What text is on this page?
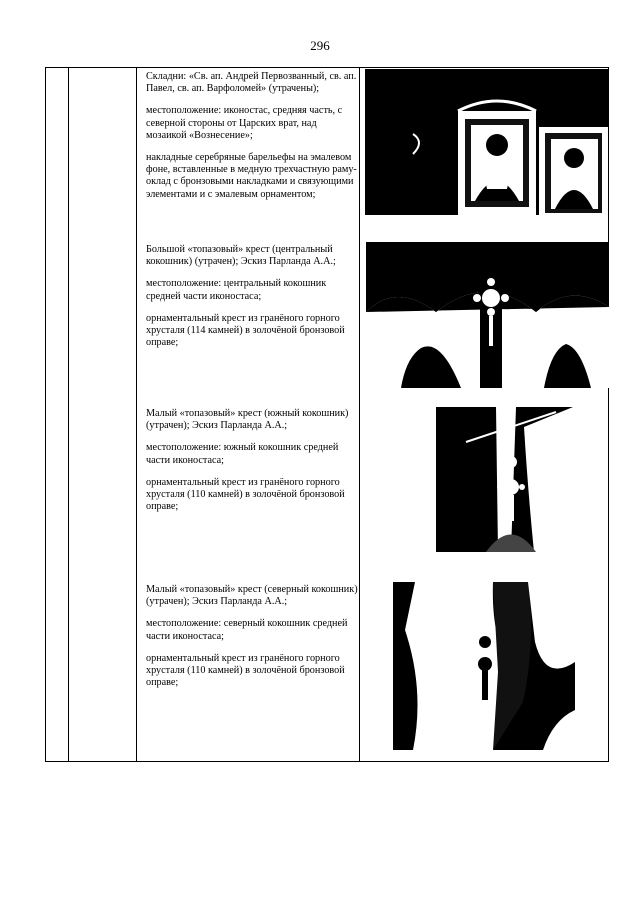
296

Складни: «Св. ап. Андрей Первозванный, св. ап. Павел, св. ап. Варфоломей» (утрачены);

местоположение: иконостас, средняя часть, с северной стороны от Царских врат, над мозаикой «Вознесение»;

накладные серебряные барельефы на эмалевом фоне, вставленные в медную трехчастную раму-оклад с бронзовыми накладками и связующими элементами и с эмалевым орнаментом;

Большой «топазовый» крест (центральный кокошник) (утрачен); Эскиз Парланда А.А.;

местоположение: центральный кокошник средней части иконостаса;

орнаментальный крест из гранёного горного хрусталя (114 камней) в золочёной бронзовой оправе;

Малый «топазовый» крест (южный кокошник) (утрачен); Эскиз Парланда А.А.;

местоположение: южный кокошник средней части иконостаса;

орнаментальный крест из гранёного горного хрусталя (110 камней) в золочёной бронзовой оправе;

Малый «топазовый» крест (северный кокошник) (утрачен); Эскиз Парланда А.А.;

местоположение: северный кокошник средней части иконостаса;

орнаментальный крест из гранёного горного хрусталя (110 камней) в золочёной бронзовой оправе;
